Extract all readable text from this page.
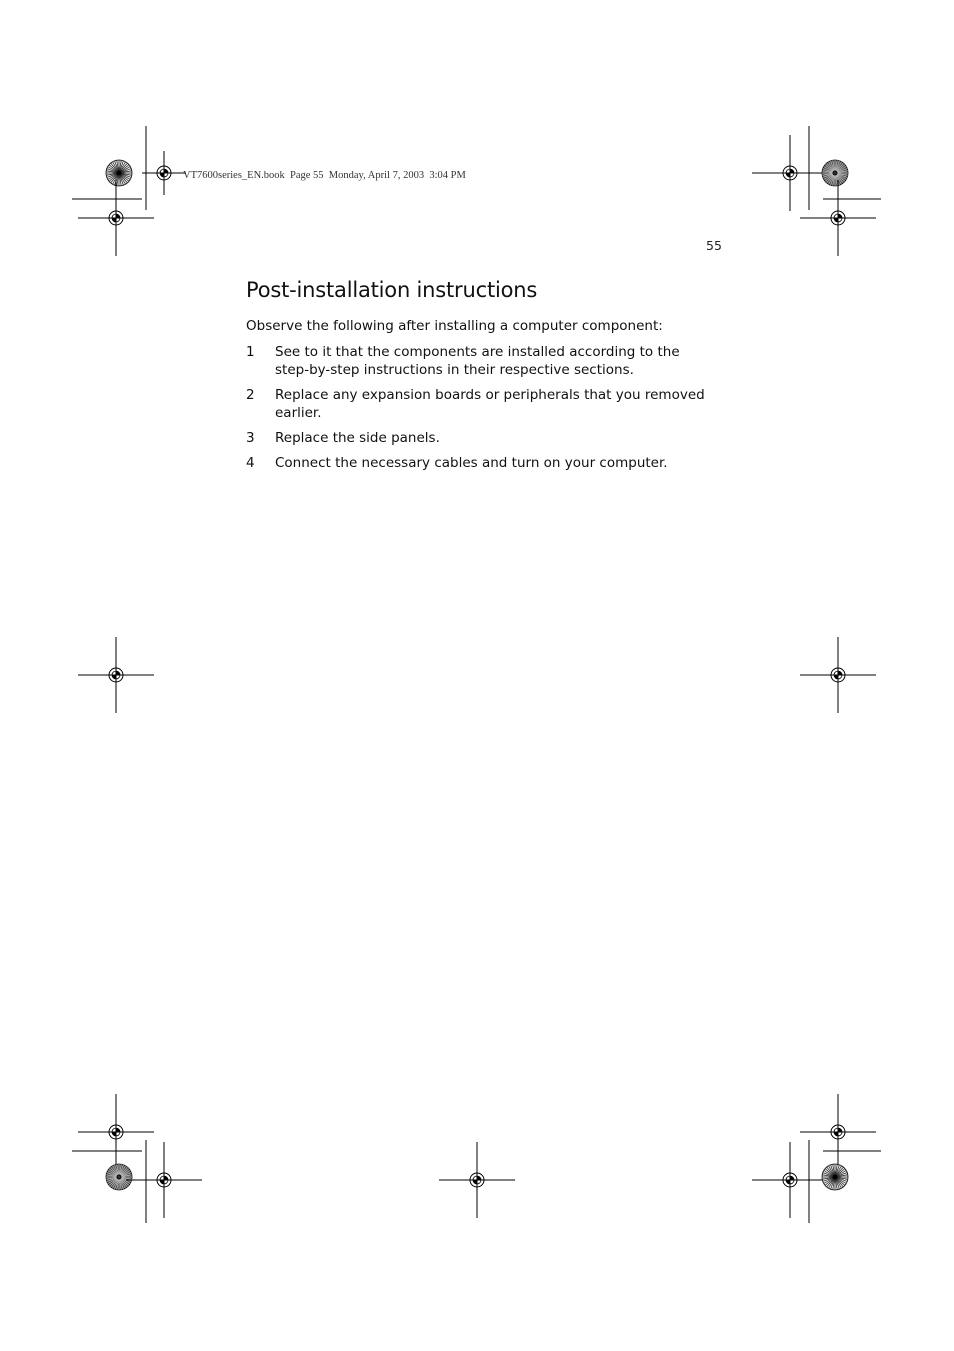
VT7600series_EN.book  Page 55  Monday, April 7, 2003  3:04 PM
55
Post-installation instructions

Observe the following after installing a computer component:

1	See to it that the components are installed according to the step-by-step instructions in their respective sections.
2	Replace any expansion boards or peripherals that you removed earlier.
3	Replace the side panels.
4	Connect the necessary cables and turn on your computer.
